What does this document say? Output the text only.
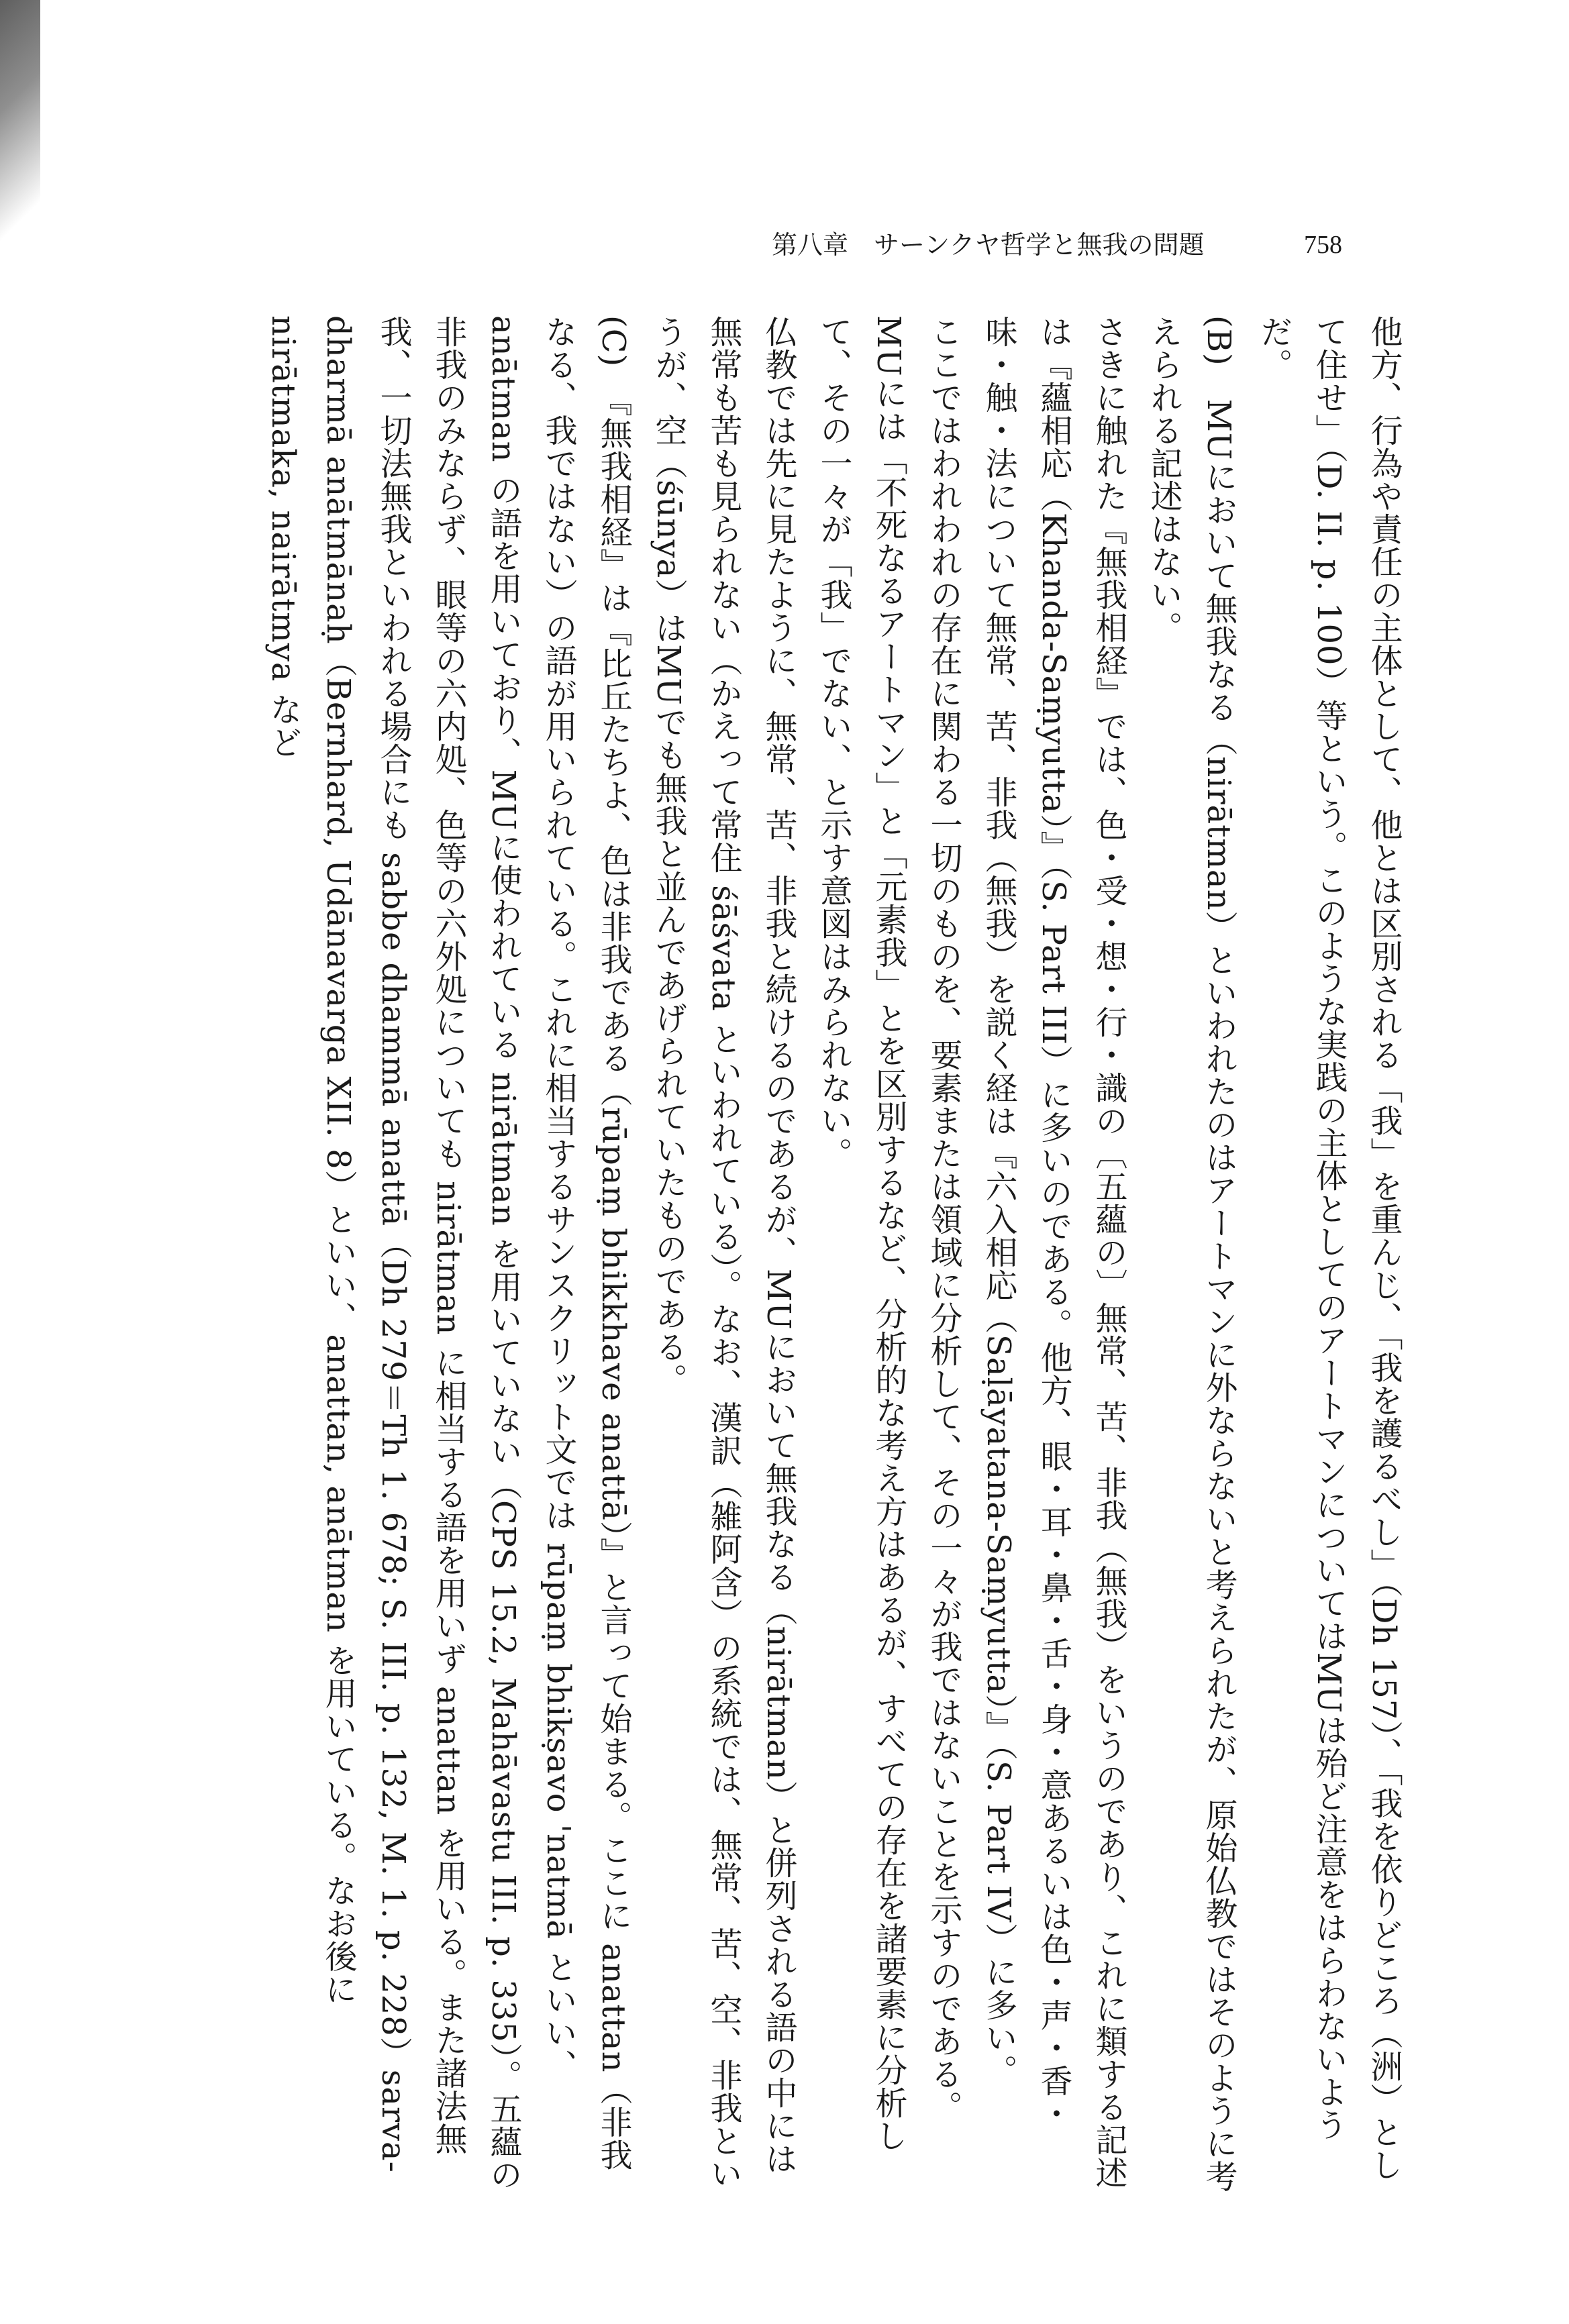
第八章　サーンクヤ哲学と無我の問題	758

他方、行為や責任の主体として、他とは区別される「我」を重んじ、「我を護るべし」（Dh 157）、「我を依りどころ（洲）として住せ」（D. II. p. 100）等という。このような実践の主体としてのアートマンについてはMUは殆ど注意をはらわないようだ。

(B)　MUにおいて無我なる（nirātman）といわれたのはアートマンに外ならないと考えられたが、原始仏教ではそのように考えられる記述はない。

さきに触れた『無我相経』では、色・受・想・行・識の〔五蘊の〕無常、苦、非我（無我）をいうのであり、これに類する記述は『蘊相応（Khanda-Saṃyutta）』（S. Part III）に多いのである。他方、眼・耳・鼻・舌・身・意あるいは色・声・香・味・触・法について無常、苦、非我（無我）を説く経は『六入相応（Saḷāyatana-Saṃyutta）』（S. Part IV）に多い。

ここではわれわれの存在に関わる一切のものを、要素または領域に分析して、その一々が我ではないことを示すのである。

MUには「不死なるアートマン」と「元素我」とを区別するなど、分析的な考え方はあるが、すべての存在を諸要素に分析して、その一々が「我」でない、と示す意図はみられない。

仏教では先に見たように、無常、苦、非我と続けるのであるが、MUにおいて無我なる（nirātman）と併列される語の中には無常も苦も見られない（かえって常住 śāśvata といわれている）。なお、漢訳（雑阿含）の系統では、無常、苦、空、非我というが、空（śūnya）はMUでも無我と並んであげられていたものである。

(C)　『無我相経』は『比丘たちよ、色は非我である（rūpaṃ bhikkhave anattā）』と言って始まる。ここに anattan（非我なる、我ではない）の語が用いられている。これに相当するサンスクリット文では rūpaṃ bhikṣavo 'natmā といい、anātman の語を用いており、MUに使われている nirātman を用いていない（CPS 15.2, Mahāvastu III. p. 335）。五蘊の非我のみならず、眼等の六内処、色等の六外処についても nirātman に相当する語を用いず anattan を用いる。また諸法無我、一切法無我といわれる場合にも sabbe dhammā anattā（Dh 279＝Th 1. 678; S. III. p. 132, M. 1. p. 228）sarva-dharmā anātmānaḥ（Bernhard, Udānavarga XII. 8）といい、anattan, anātman を用いている。なお後に nirātmaka, nairātmya など
